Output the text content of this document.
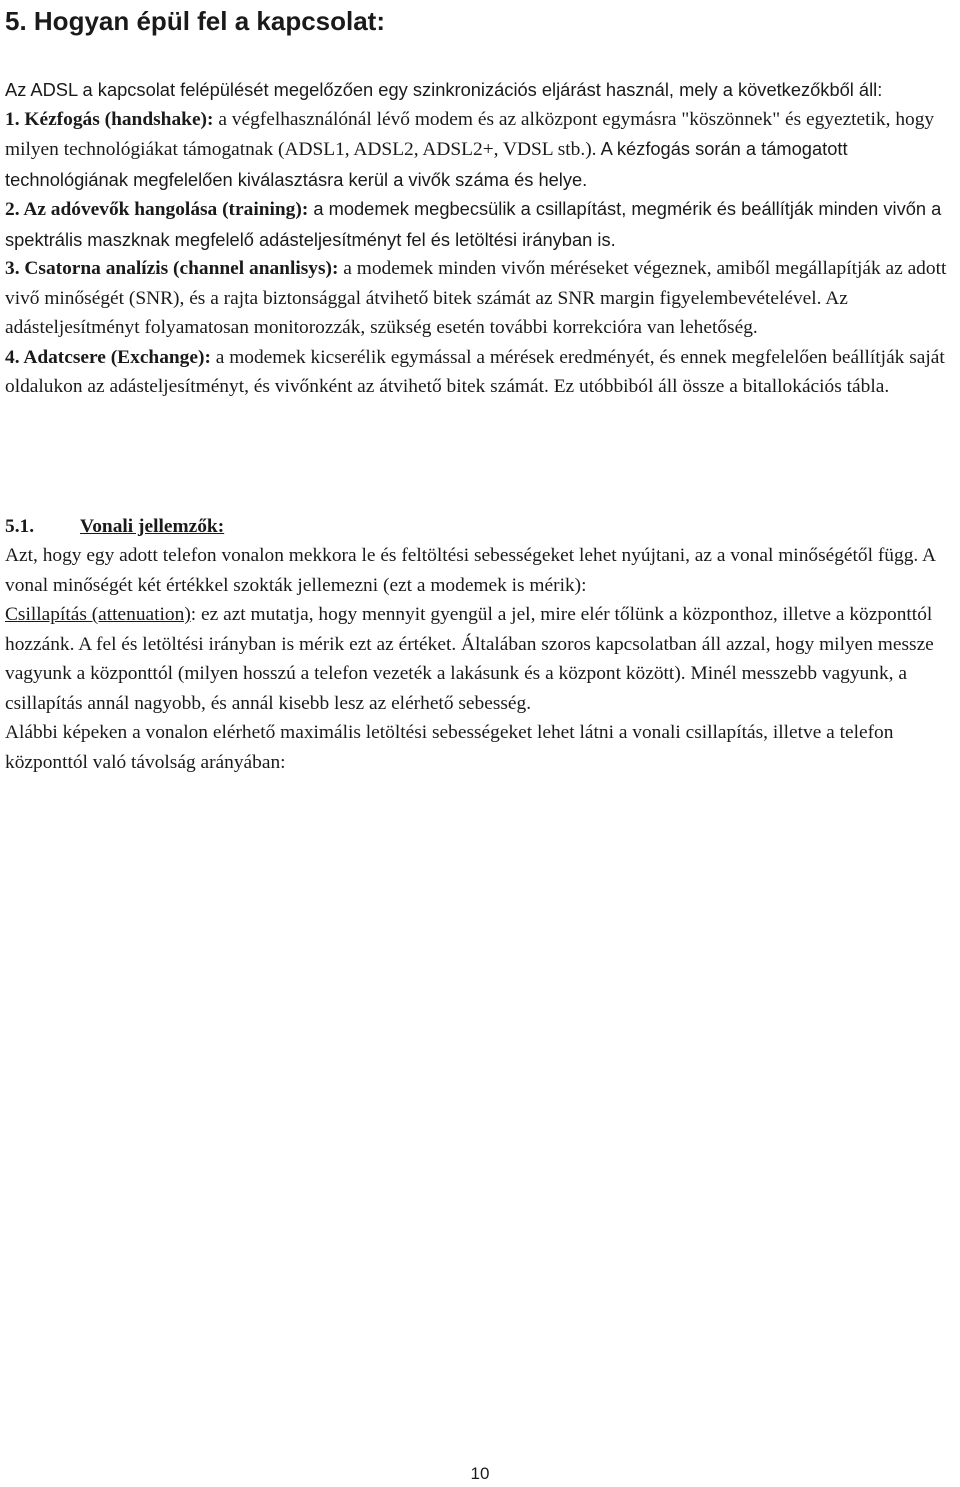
5. Hogyan épül fel a kapcsolat:

Az ADSL a kapcsolat felépülését megelőzően egy szinkronizációs eljárást használ, mely a következőkből áll:

1. Kézfogás (handshake): a végfelhasználónál lévő modem és az alközpont egymásra "köszönnek" és egyeztetik, hogy milyen technológiákat támogatnak (ADSL1, ADSL2, ADSL2+, VDSL stb.). A kézfogás során a támogatott technológiának megfelelően kiválasztásra kerül a vivők száma és helye.

2. Az adóvevők hangolása (training): a modemek megbecsülik a csillapítást, megmérik és beállítják minden vivőn a spektrális maszknak megfelelő adásteljesítményt fel és letöltési irányban is.

3. Csatorna analízis (channel ananlisys): a modemek minden vivőn méréseket végeznek, amiből megállapítják az adott vivő minőségét (SNR), és a rajta biztonsággal átvihető bitek számát az SNR margin figyelembevételével. Az adásteljesítményt folyamatosan monitorozzák, szükség esetén további korrekcióra van lehetőség.

4. Adatcsere (Exchange): a modemek kicserélik egymással a mérések eredményét, és ennek megfelelően beállítják saját oldalukon az adásteljesítményt, és vivőnként az átvihető bitek számát. Ez utóbbiból áll össze a bitallokációs tábla.

5.1. Vonali jellemzők:

Azt, hogy egy adott telefon vonalon mekkora le és feltöltési sebességeket lehet nyújtani, az a vonal minőségétől függ. A vonal minőségét két értékkel szokták jellemezni (ezt a modemek is mérik):

Csillapítás (attenuation): ez azt mutatja, hogy mennyit gyengül a jel, mire elér tőlünk a központhoz, illetve a központtól hozzánk. A fel és letöltési irányban is mérik ezt az értéket. Általában szoros kapcsolatban áll azzal, hogy milyen messze vagyunk a központtól (milyen hosszú a telefon vezeték a lakásunk és a központ között). Minél messzebb vagyunk, a csillapítás annál nagyobb, és annál kisebb lesz az elérhető sebesség.

Alábbi képeken a vonalon elérhető maximális letöltési sebességeket lehet látni a vonali csillapítás, illetve a telefon központtól való távolság arányában:

10
